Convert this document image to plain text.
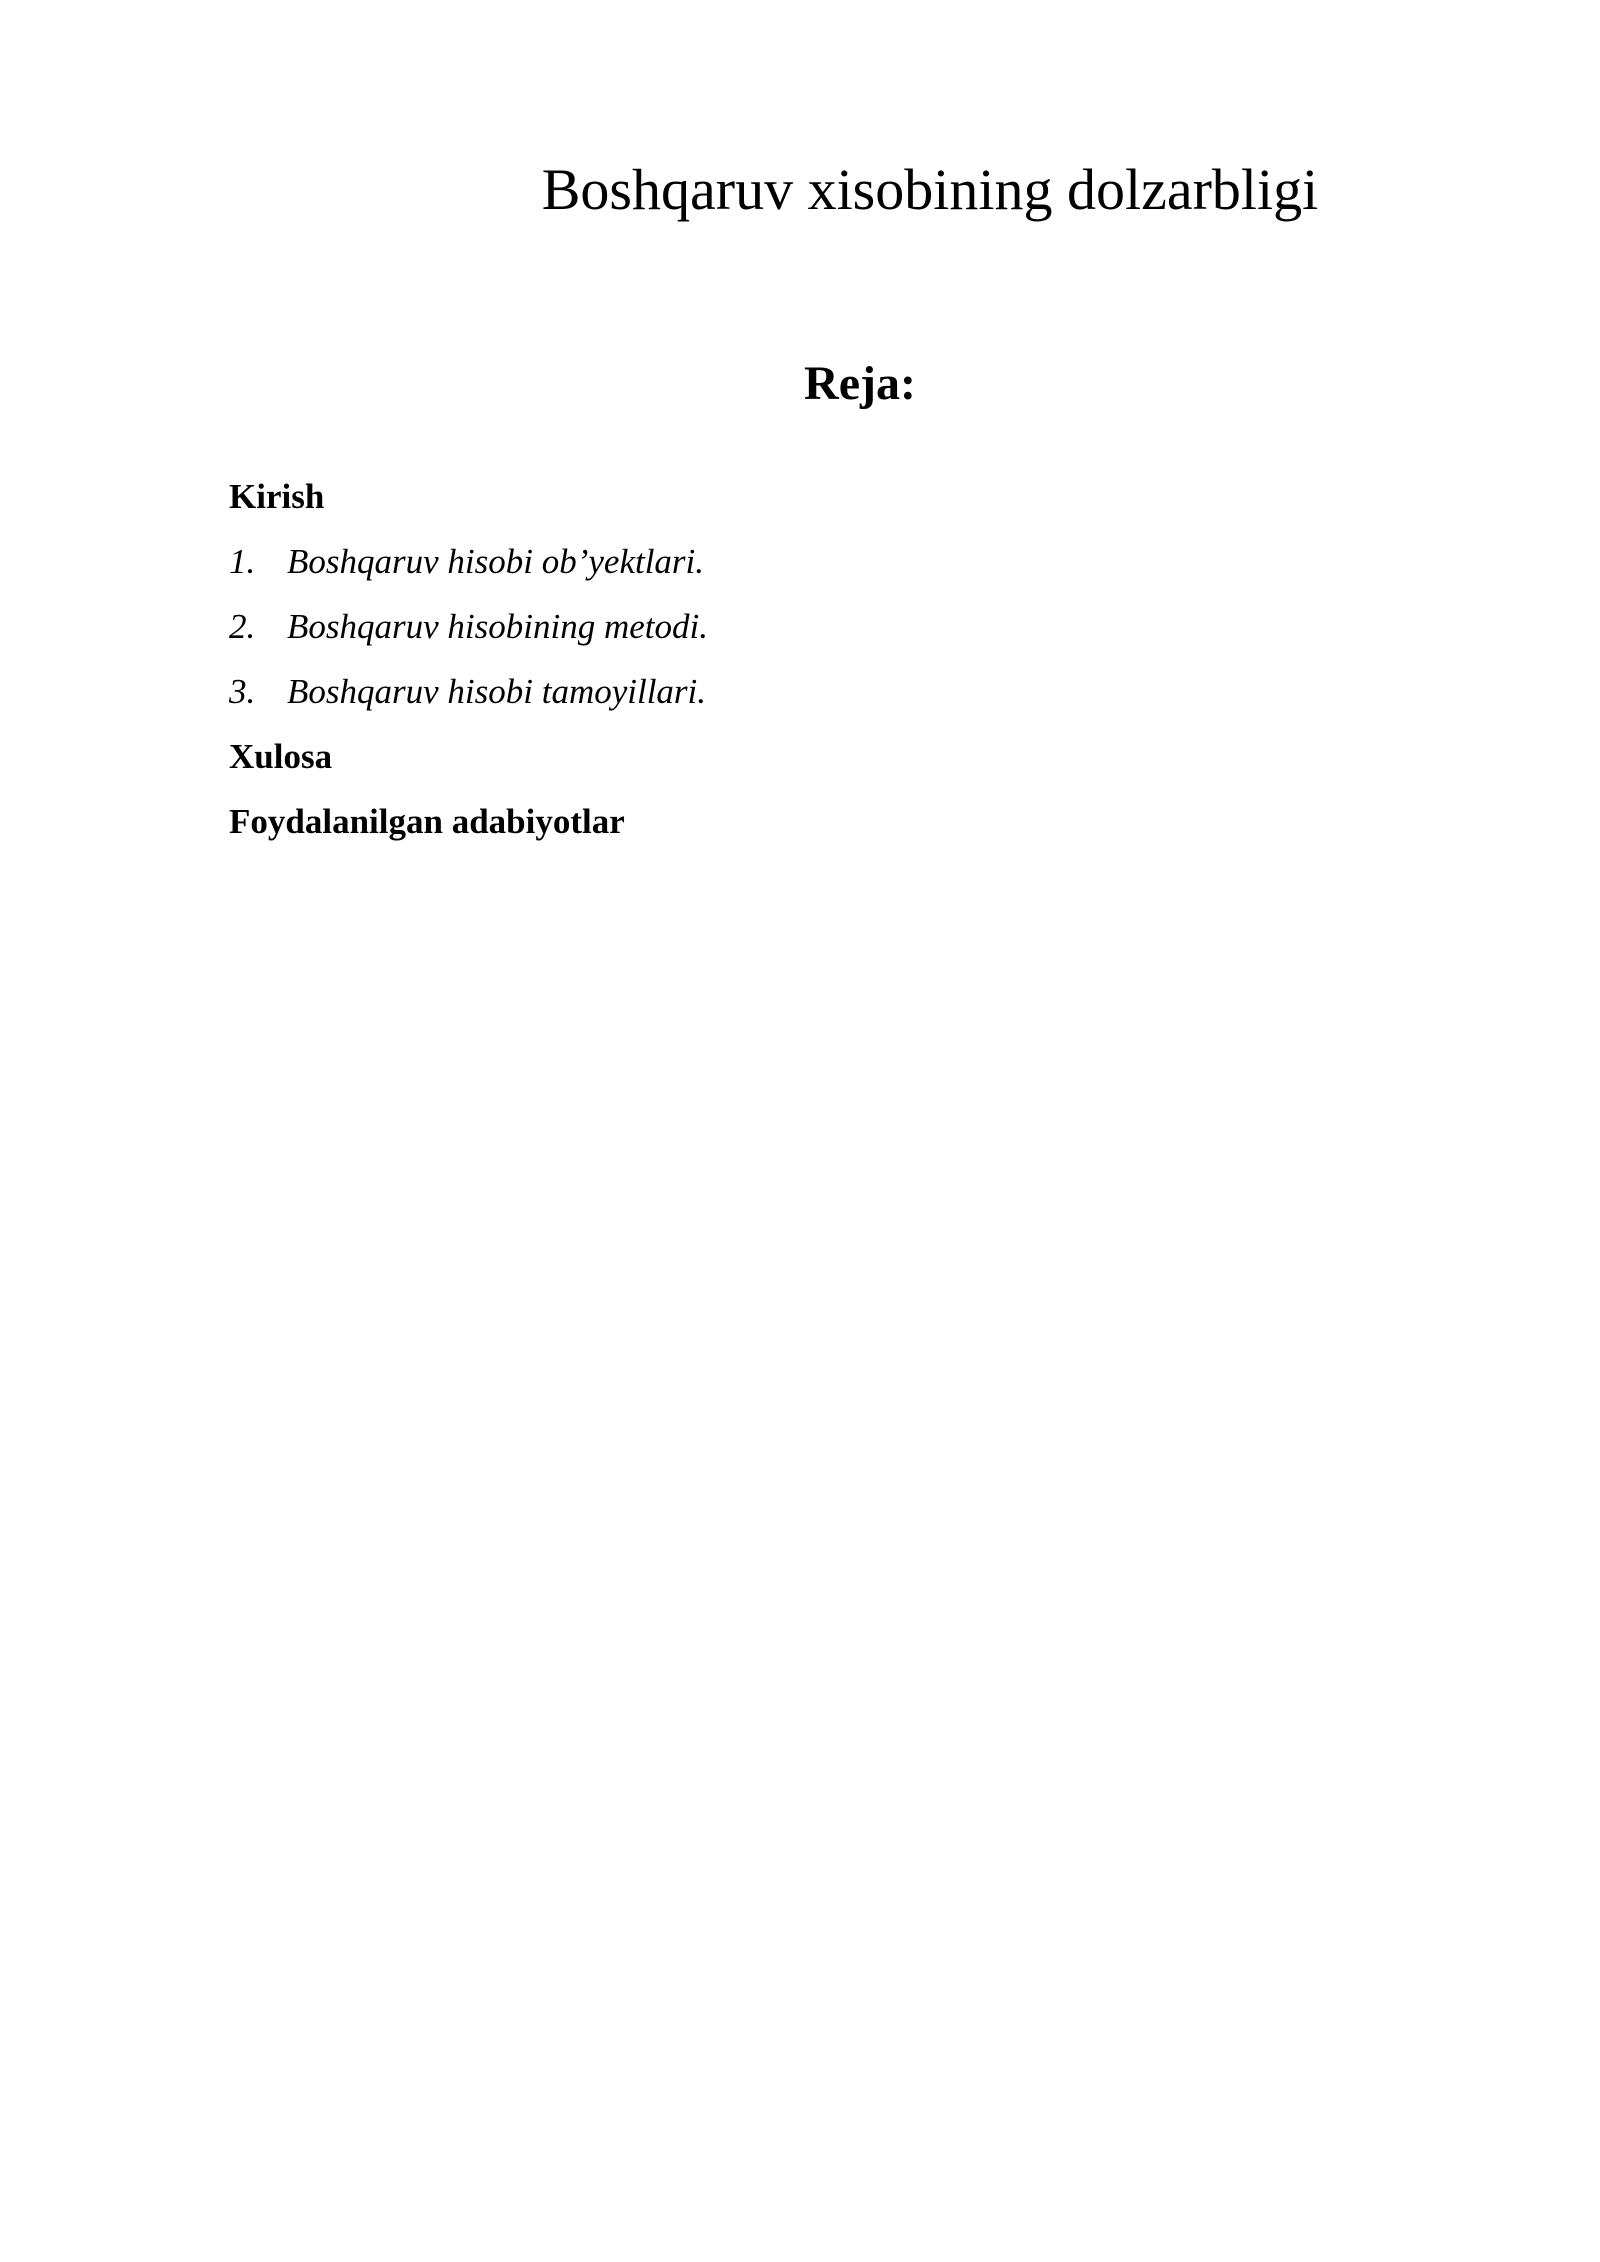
Boshqaruv xisobining dolzarbligi
Reja:
Kirish
1. Boshqaruv hisobi ob’yektlari.
2. Boshqaruv hisobining metodi.
3. Boshqaruv hisobi tamoyillari.
Xulosa
Foydalanilgan adabiyotlar
